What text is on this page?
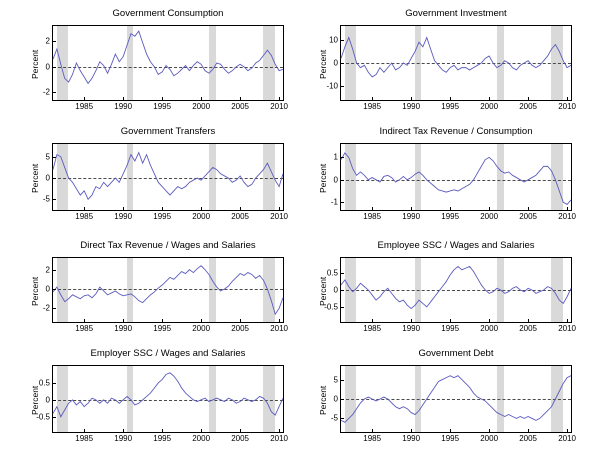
Government Consumption
Percent
-2
0
2
1985	1990	1995	2000	2005	2010
Government Investment
Percent
-10
0
10
1985	1990	1995	2000	2005	2010
Government Transfers
Percent
-5
0
5
1985	1990	1995	2000	2005	2010
Indirect Tax Revenue / Consumption
Percent
-1
0
1
1985	1990	1995	2000	2005	2010
Direct Tax Revenue / Wages and Salaries
Percent
-2
0
2
1985	1990	1995	2000	2005	2010
Employee SSC / Wages and Salaries
Percent
-0.5
0
0.5
1985	1990	1995	2000	2005	2010
Employer SSC / Wages and Salaries
Percent
-0.5
0
0.5
1985	1990	1995	2000	2005	2010
Government Debt
Percent
-5
0
5
1985	1990	1995	2000	2005	2010
